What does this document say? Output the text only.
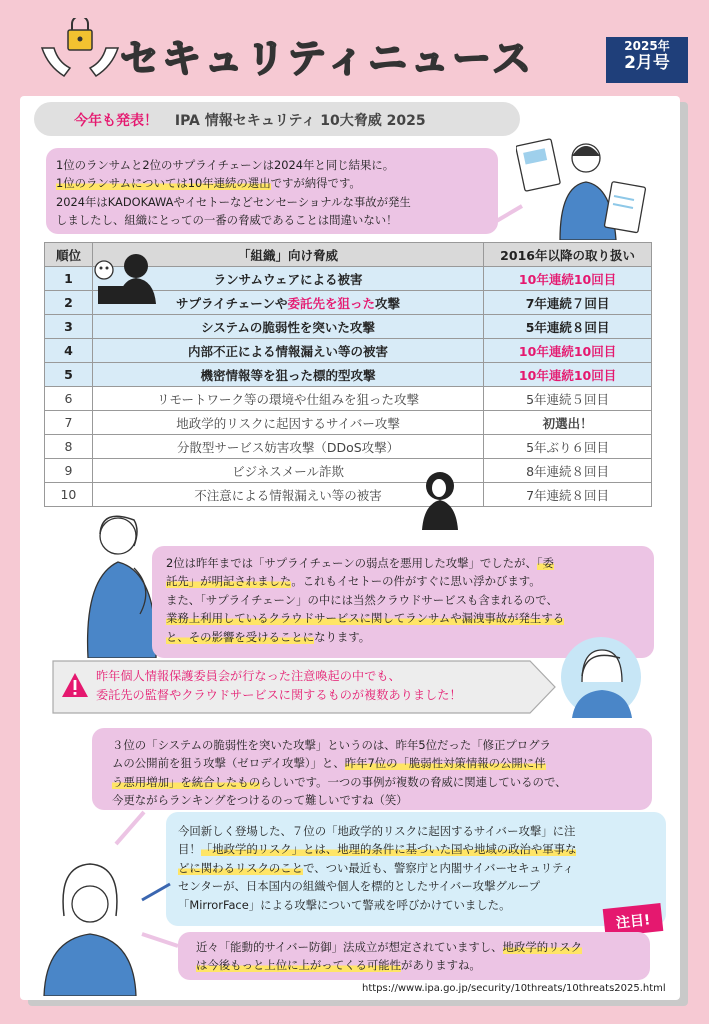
セキュリティニュース	2025年
2月号
今年も発表！ IPA 情報セキュリティ 10大脅威 2025

1位のランサムと2位のサプライチェーンは2024年と同じ結果に。

1位のランサムについては10年連続の選出ですが納得です。

2024年はKADOKAWAやイセトーなどセンセーショナルな事故が発生

しましたし、組織にとっての一番の脅威であることは間違いない！

順位	「組織」向け脅威	2016年以降の取り扱い
1	ランサムウェアによる被害	10年連続10回目
2	サプライチェーンや委託先を狙った攻撃	7年連続７回目
3	システムの脆弱性を突いた攻撃	5年連続８回目
4	内部不正による情報漏えい等の被害	10年連続10回目
5	機密情報等を狙った標的型攻撃	10年連続10回目
6	リモートワーク等の環境や仕組みを狙った攻撃	5年連続５回目
7	地政学的リスクに起因するサイバー攻撃	初選出！
8	分散型サービス妨害攻撃（DDoS攻撃）	5年ぶり６回目
9	ビジネスメール詐欺	8年連続８回目
10	不注意による情報漏えい等の被害	7年連続８回目

2位は昨年までは「サプライチェーンの弱点を悪用した攻撃」でしたが、「委

託先」が明記されました。これもイセトーの件がすぐに思い浮かびます。

また、「サプライチェーン」の中には当然クラウドサービスも含まれるので、

業務上利用しているクラウドサービスに関してランサムや漏洩事故が発生する

と、その影響を受けることになります。

昨年個人情報保護委員会が行なった注意喚起の中でも、

委託先の監督やクラウドサービスに関するものが複数ありました！

３位の「システムの脆弱性を突いた攻撃」というのは、昨年5位だった「修正プログラ

ムの公開前を狙う攻撃（ゼロデイ攻撃）」と、昨年7位の「脆弱性対策情報の公開に伴

う悪用増加」を統合したものらしいです。一つの事例が複数の脅威に関連しているので、

今更ながらランキングをつけるのって難しいですね（笑）

今回新しく登場した、７位の「地政学的リスクに起因するサイバー攻撃」に注

目！「地政学的リスク」とは、地理的条件に基づいた国や地域の政治や軍事な

どに関わるリスクのことで、つい最近も、警察庁と内閣サイバーセキュリティ

センターが、日本国内の組織や個人を標的としたサイバー攻撃グループ

「MirrorFace」による攻撃について警戒を呼びかけていました。

注目!

近々「能動的サイバー防御」法成立が想定されていますし、地政学的リスク

は今後もっと上位に上がってくる可能性がありますね。

https://www.ipa.go.jp/security/10threats/10threats2025.html
